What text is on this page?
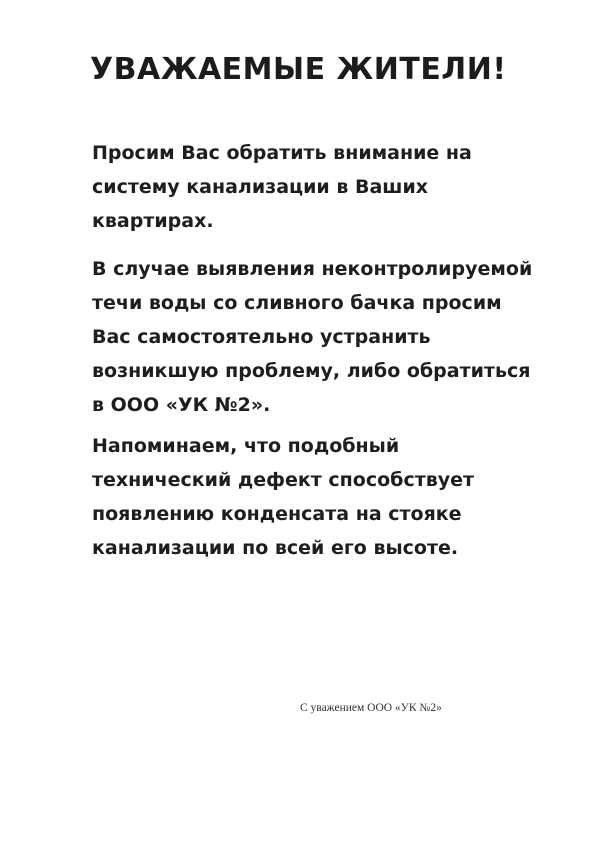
УВАЖАЕМЫЕ ЖИТЕЛИ!
Просим Вас обратить внимание на
систему канализации в Ваших
квартирах.
В случае выявления неконтролируемой
течи воды со сливного бачка просим
Вас самостоятельно устранить
возникшую проблему, либо обратиться
в ООО «УК №2».
Напоминаем, что подобный
технический дефект способствует
появлению конденсата на стояке
канализации по всей его высоте.
С уважением ООО «УК №2»
